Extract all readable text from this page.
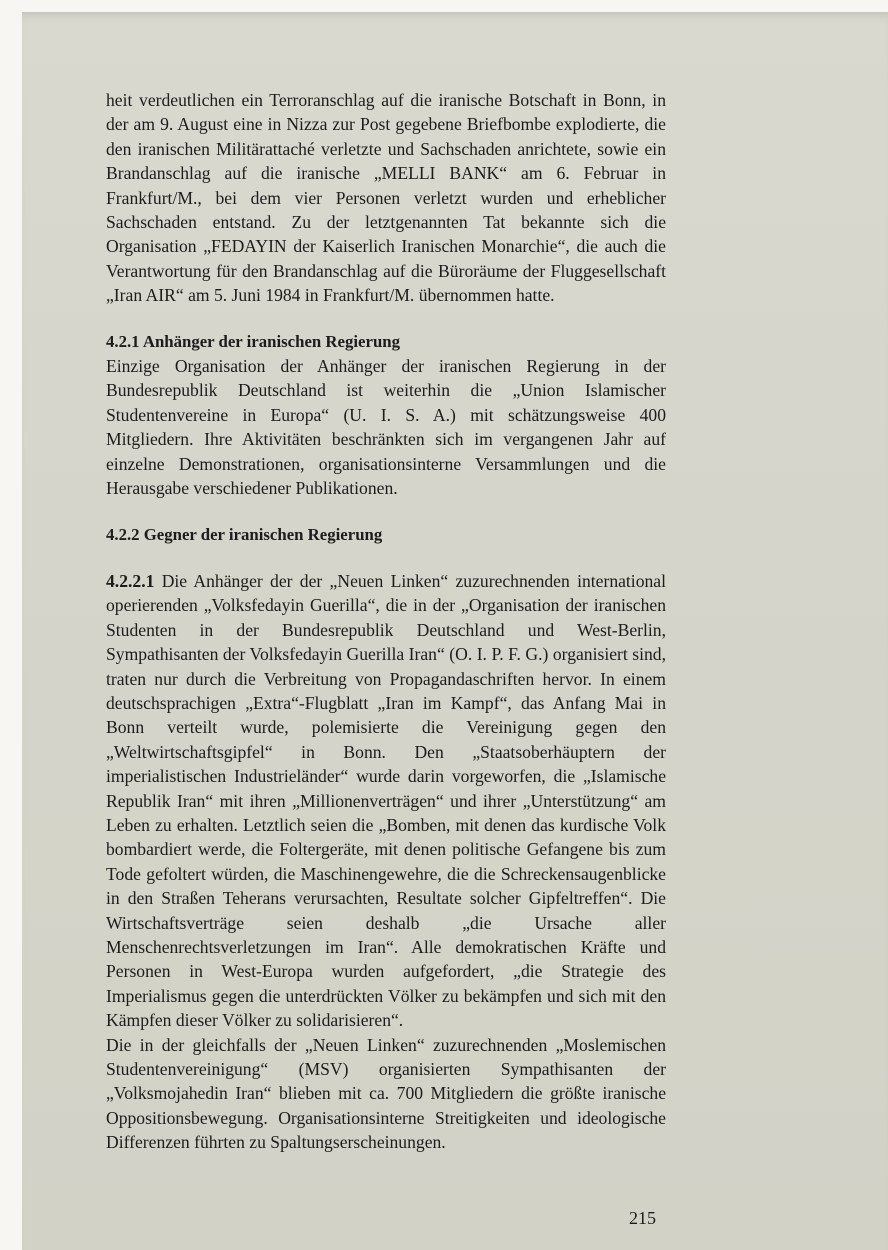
heit verdeutlichen ein Terroranschlag auf die iranische Botschaft in Bonn, in der am 9. August eine in Nizza zur Post gegebene Briefbombe explodierte, die den iranischen Militärattaché verletzte und Sachschaden anrichtete, sowie ein Brandanschlag auf die iranische „MELLI BANK“ am 6. Februar in Frankfurt/M., bei dem vier Personen verletzt wurden und erheblicher Sachschaden entstand. Zu der letztgenannten Tat bekannte sich die Organisation „FEDAYIN der Kaiserlich Iranischen Monarchie“, die auch die Verantwortung für den Brandanschlag auf die Büroräume der Fluggesellschaft „Iran AIR“ am 5. Juni 1984 in Frankfurt/M. übernommen hatte.

4.2.1 Anhänger der iranischen Regierung

Einzige Organisation der Anhänger der iranischen Regierung in der Bundesrepublik Deutschland ist weiterhin die „Union Islamischer Studentenvereine in Europa“ (U. I. S. A.) mit schätzungsweise 400 Mitgliedern. Ihre Aktivitäten beschränkten sich im vergangenen Jahr auf einzelne Demonstrationen, organisationsinterne Versammlungen und die Herausgabe verschiedener Publikationen.

4.2.2 Gegner der iranischen Regierung

4.2.2.1 Die Anhänger der der „Neuen Linken“ zuzurechnenden international operierenden „Volksfedayin Guerilla“, die in der „Organisation der iranischen Studenten in der Bundesrepublik Deutschland und West-Berlin, Sympathisanten der Volksfedayin Guerilla Iran“ (O. I. P. F. G.) organisiert sind, traten nur durch die Verbreitung von Propagandaschriften hervor. In einem deutschsprachigen „Extra“-Flugblatt „Iran im Kampf“, das Anfang Mai in Bonn verteilt wurde, polemisierte die Vereinigung gegen den „Weltwirtschaftsgipfel“ in Bonn. Den „Staatsoberhäuptern der imperialistischen Industrieländer“ wurde darin vorgeworfen, die „Islamische Republik Iran“ mit ihren „Millionenverträgen“ und ihrer „Unterstützung“ am Leben zu erhalten. Letztlich seien die „Bomben, mit denen das kurdische Volk bombardiert werde, die Foltergeräte, mit denen politische Gefangene bis zum Tode gefoltert würden, die Maschinengewehre, die die Schreckensaugenblicke in den Straßen Teherans verursachten, Resultate solcher Gipfeltreffen“. Die Wirtschaftsverträge seien deshalb „die Ursache aller Menschenrechtsverletzungen im Iran“. Alle demokratischen Kräfte und Personen in West-Europa wurden aufgefordert, „die Strategie des Imperialismus gegen die unterdrückten Völker zu bekämpfen und sich mit den Kämpfen dieser Völker zu solidarisieren“.

Die in der gleichfalls der „Neuen Linken“ zuzurechnenden „Moslemischen Studentenvereinigung“ (MSV) organisierten Sympathisanten der „Volksmojahedin Iran“ blieben mit ca. 700 Mitgliedern die größte iranische Oppositionsbewegung. Organisationsinterne Streitigkeiten und ideologische Differenzen führten zu Spaltungserscheinungen.

215
